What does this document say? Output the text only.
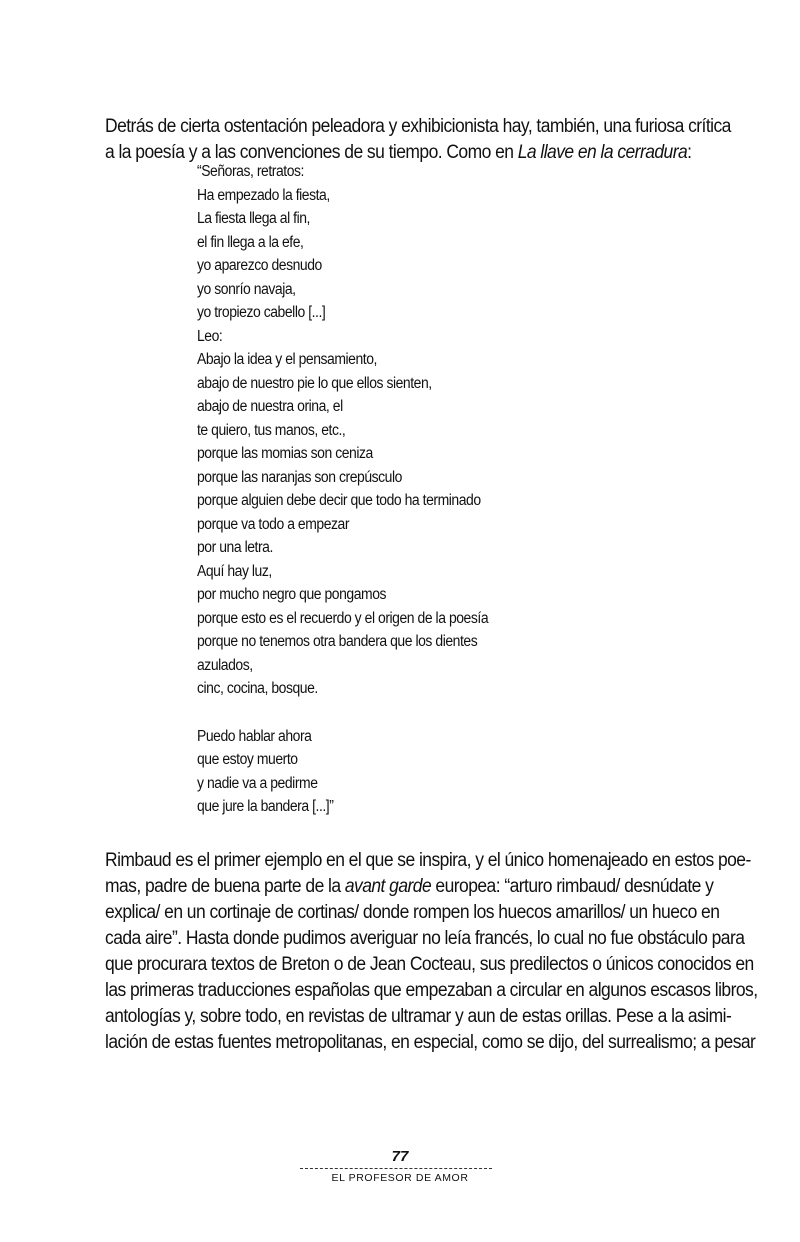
Detrás de cierta ostentación peleadora y exhibicionista hay, también, una furiosa crítica
a la poesía y a las convenciones de su tiempo. Como en La llave en la cerradura:
“Señoras, retratos:
Ha empezado la fiesta,
La fiesta llega al fin,
el fin llega a la efe,
yo aparezco desnudo
yo sonrío navaja,
yo tropiezo cabello [...]
Leo:
Abajo la idea y el pensamiento,
abajo de nuestro pie lo que ellos sienten,
abajo de nuestra orina, el
te quiero, tus manos, etc.,
porque las momias son ceniza
porque las naranjas son crepúsculo
porque alguien debe decir que todo ha terminado
porque va todo a empezar
por una letra.
Aquí hay luz,
por mucho negro que pongamos
porque esto es el recuerdo y el origen de la poesía
porque no tenemos otra bandera que los dientes
azulados,
cinc, cocina, bosque.
Puedo hablar ahora
que estoy muerto
y nadie va a pedirme
que jure la bandera [...]”
Rimbaud es el primer ejemplo en el que se inspira, y el único homenajeado en estos poe-
mas, padre de buena parte de la avant garde europea: “arturo rimbaud/ desnúdate y
explica/ en un cortinaje de cortinas/ donde rompen los huecos amarillos/ un hueco en
cada aire”. Hasta donde pudimos averiguar no leía francés, lo cual no fue obstáculo para
que procurara textos de Breton o de Jean Cocteau, sus predilectos o únicos conocidos en
las primeras traducciones españolas que empezaban a circular en algunos escasos libros,
antologías y, sobre todo, en revistas de ultramar y aun de estas orillas. Pese a la asimi-
lación de estas fuentes metropolitanas, en especial, como se dijo, del surrealismo; a pesar
77
EL PROFESOR DE AMOR
